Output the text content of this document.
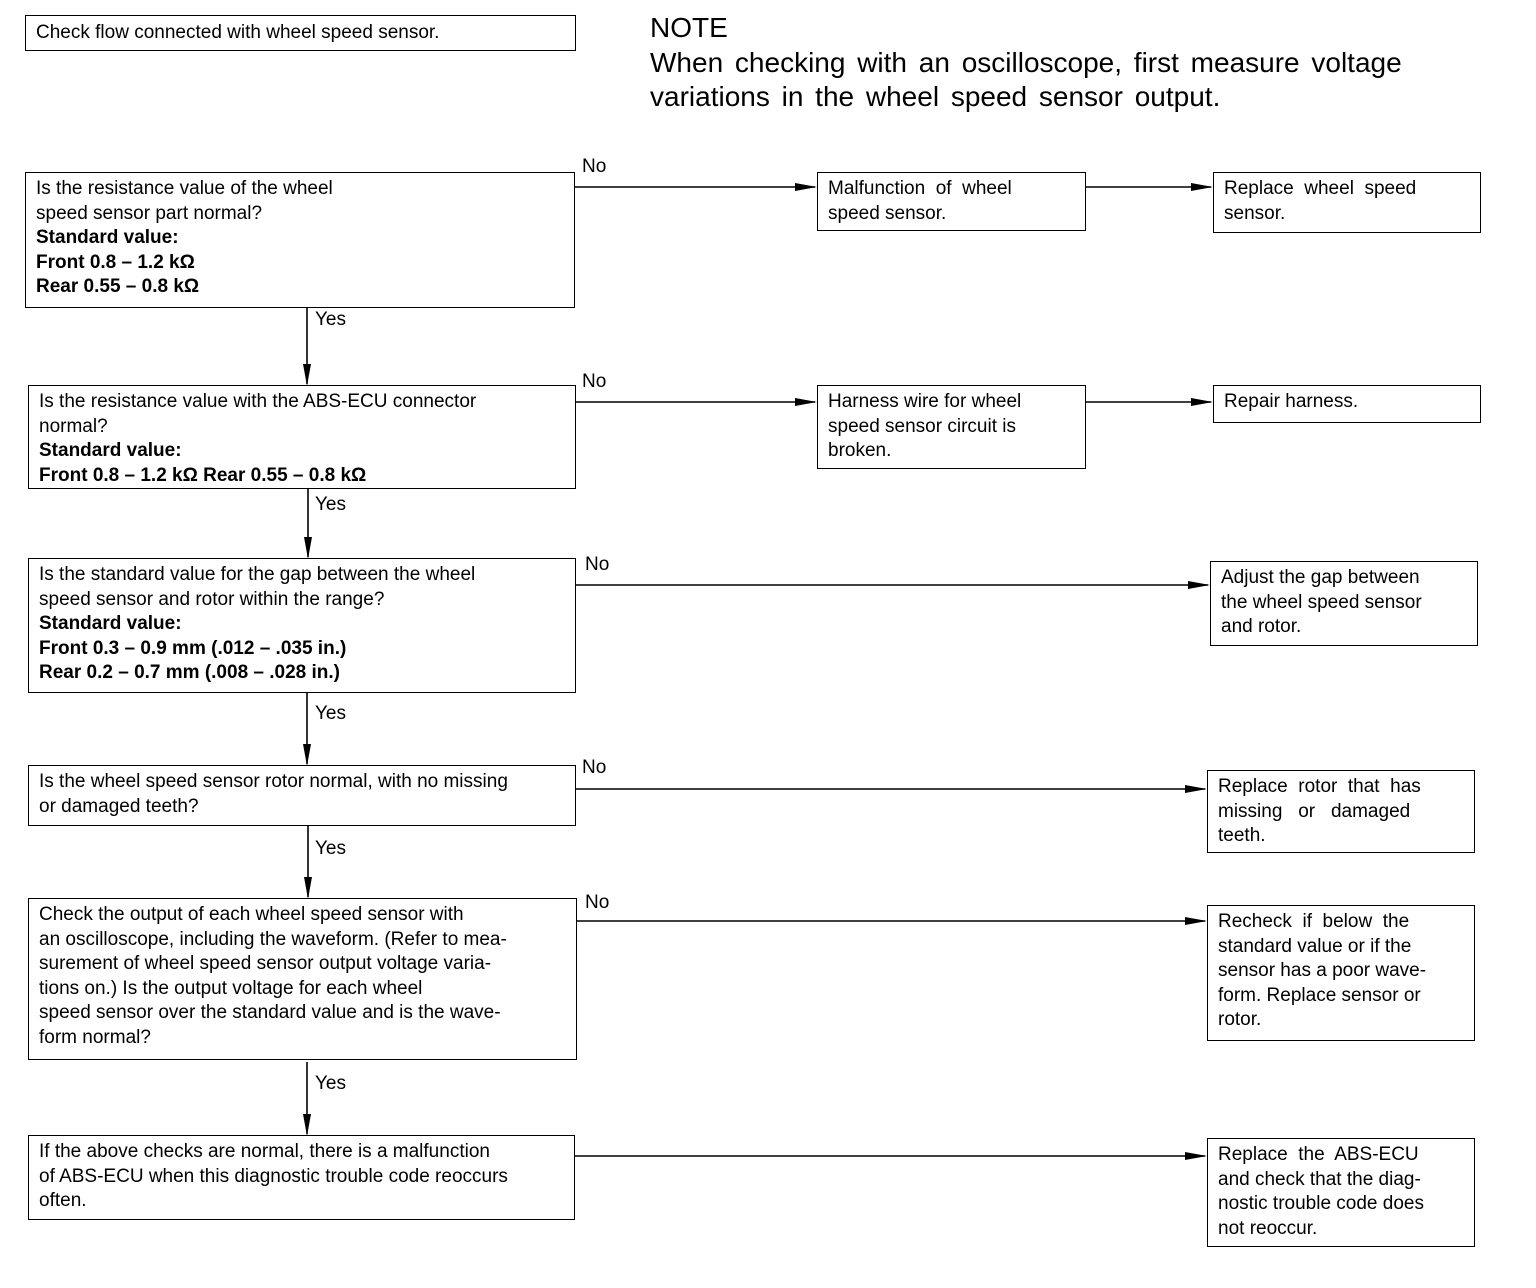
Check flow connected with wheel speed sensor.	NOTE
When checking with an oscilloscope, first measure voltage
variations in the wheel speed sensor output.
Is the resistance value of the wheel
speed sensor part normal?
Standard value:
Front 0.8 – 1.2 kΩ
Rear 0.55 – 0.8 kΩ
Is the resistance value with the ABS-ECU connector
normal?
Standard value:
Front 0.8 – 1.2 kΩ Rear 0.55 – 0.8 kΩ
Is the standard value for the gap between the wheel
speed sensor and rotor within the range?
Standard value:
Front 0.3 – 0.9 mm (.012 – .035 in.)
Rear 0.2 – 0.7 mm (.008 – .028 in.)
Is the wheel speed sensor rotor normal, with no missing
or damaged teeth?
Check the output of each wheel speed sensor with
an oscilloscope, including the waveform. (Refer to mea-
surement of wheel speed sensor output voltage varia-
tions on.) Is the output voltage for each wheel
speed sensor over the standard value and is the wave-
form normal?
If the above checks are normal, there is a malfunction
of ABS-ECU when this diagnostic trouble code reoccurs
often.
Malfunction  of  wheel
speed sensor.
Replace  wheel  speed
sensor.
Harness wire for wheel
speed sensor circuit is
broken.
Repair harness.
Adjust the gap between
the wheel speed sensor
and rotor.
Replace  rotor  that  has
missing   or   damaged
teeth.
Recheck  if  below  the
standard value or if the
sensor has a poor wave-
form. Replace sensor or
rotor.
Replace  the  ABS-ECU
and check that the diag-
nostic trouble code does
not reoccur.
No
No
No
No
No
Yes
Yes
Yes
Yes
Yes
